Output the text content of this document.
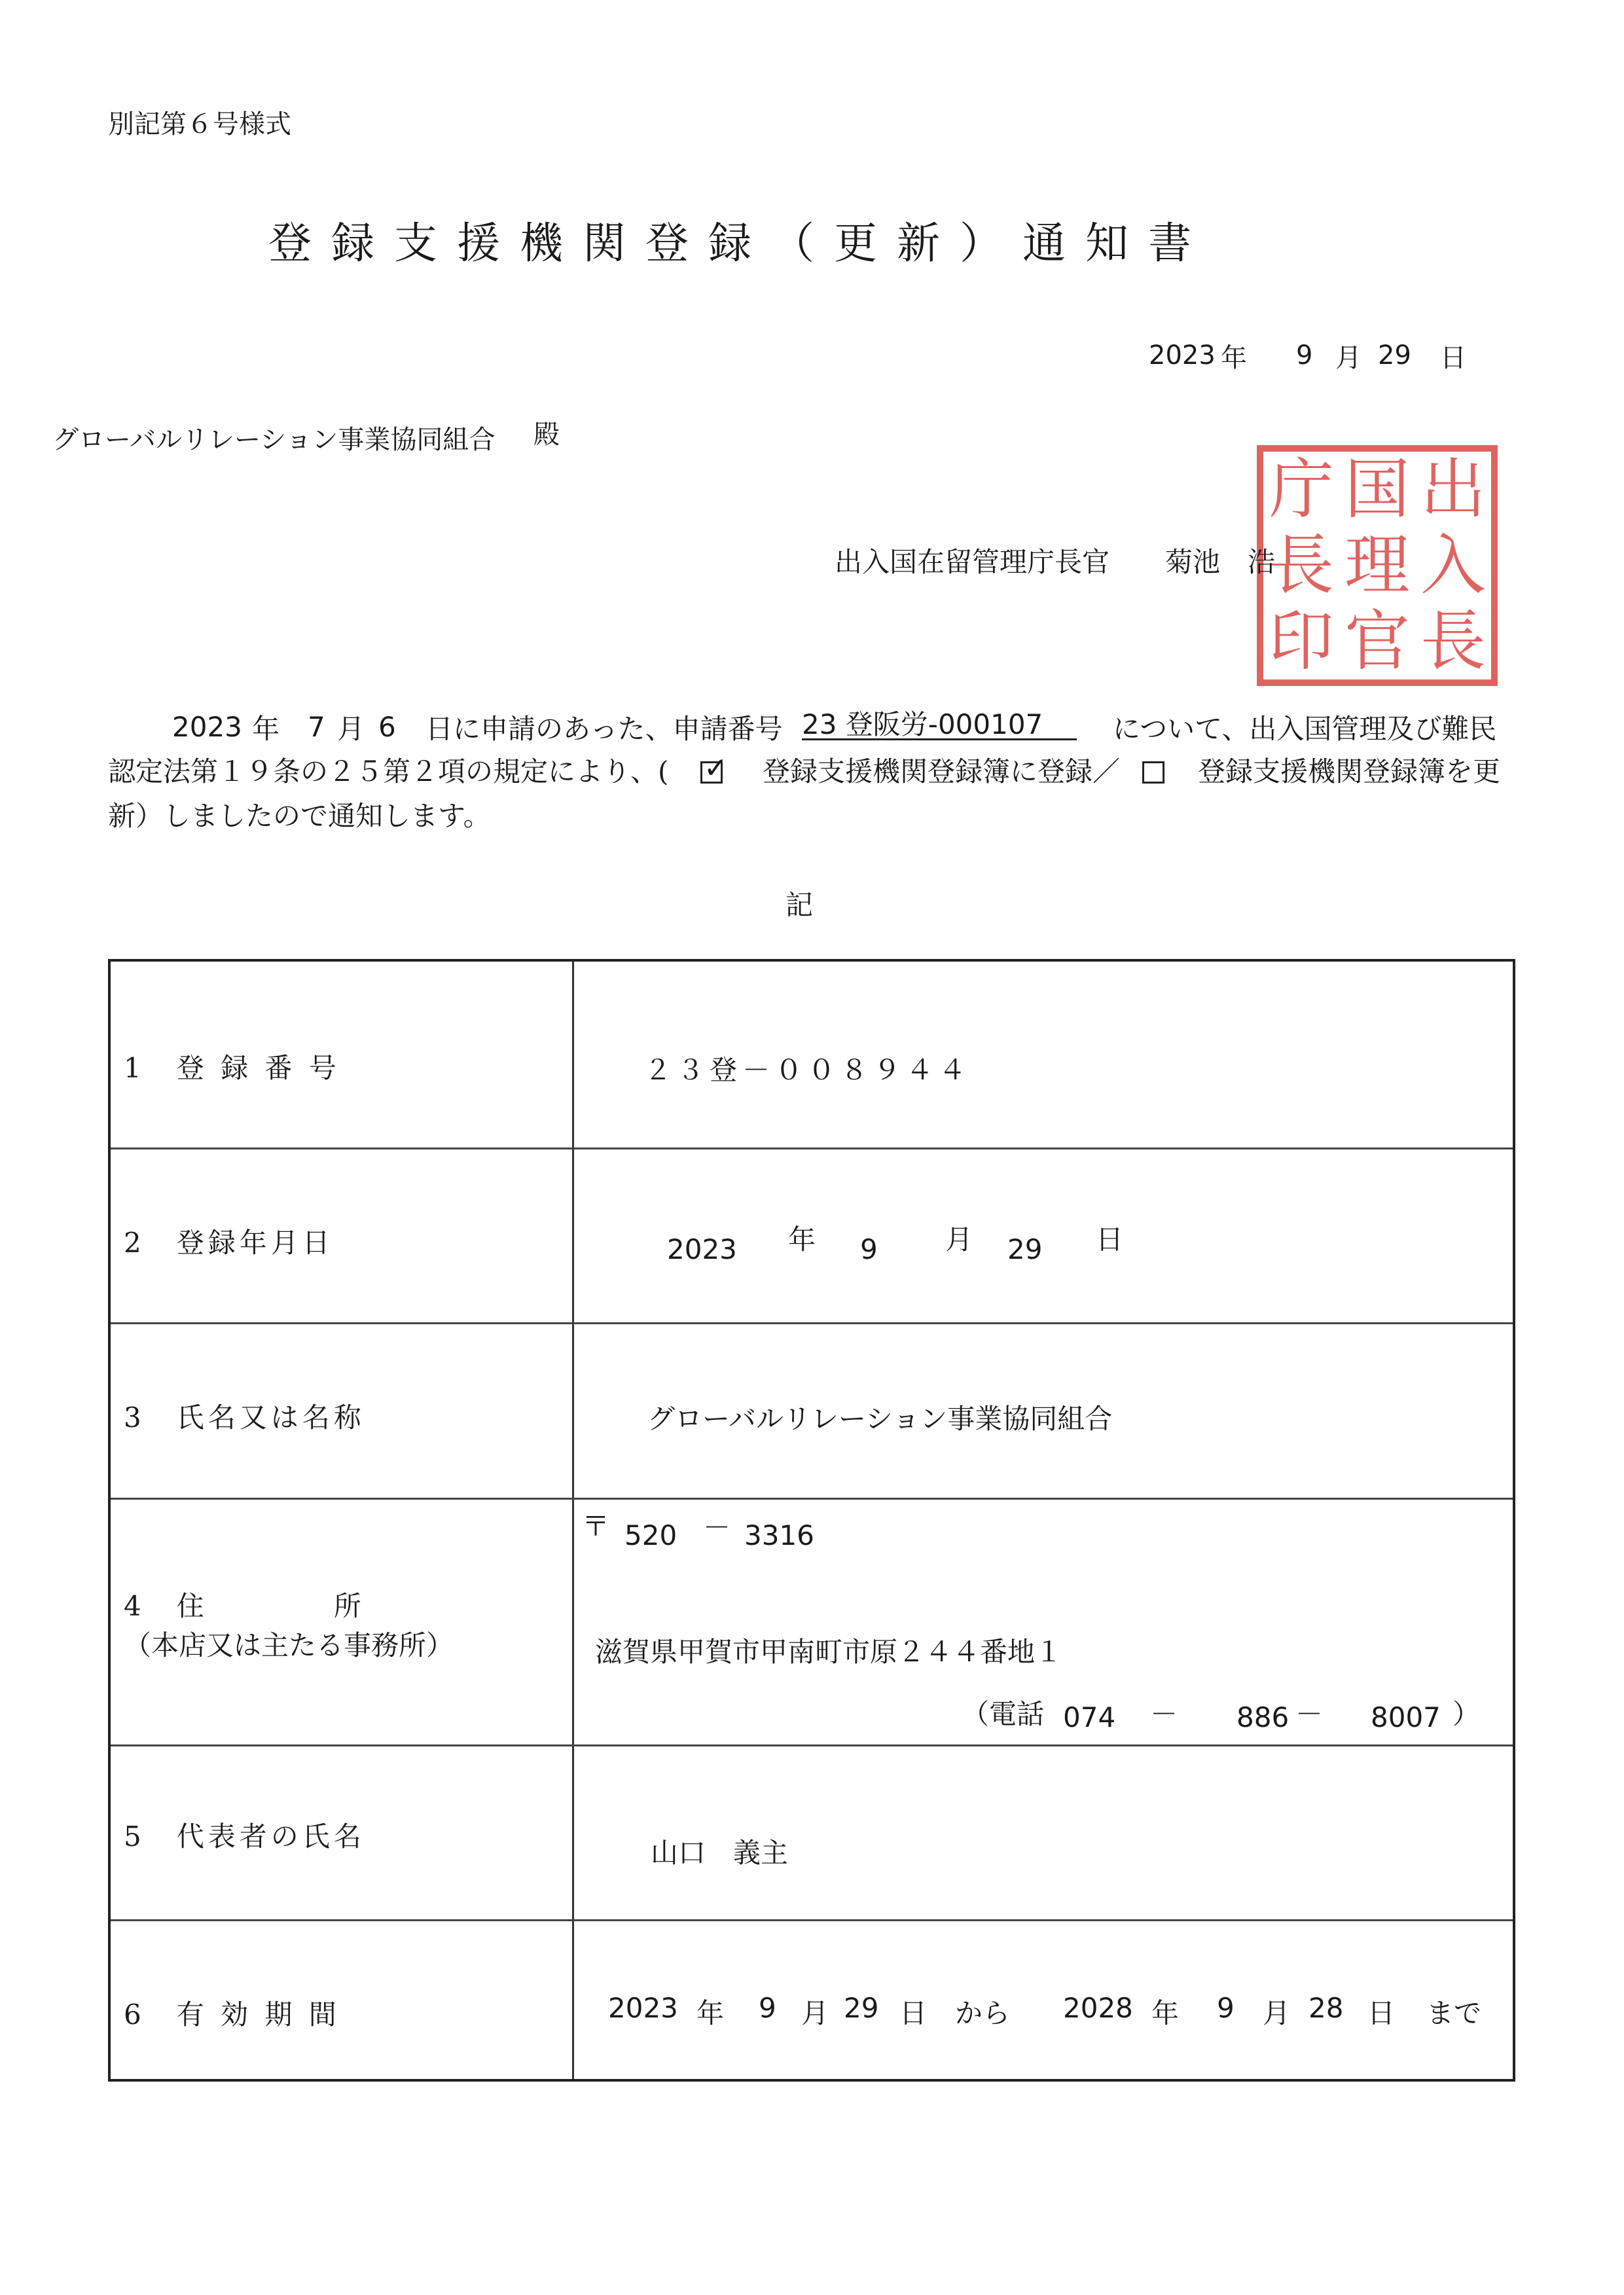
別記第６号様式
登録支援機関登録（更新）通知書
2023 年 9 月 29 日
グローバルリレーション事業協同組合 殿
庁 国 出
長 理 入
印 官 長
出入国在留管理庁長官 菊池　浩
2023 年 7 月 6 日に申請のあった、申請番号 23 登阪労-000107	について、出入国管理及び難民
認定法第１９条の２５第２項の規定により、(
✓	登録支援機関登録簿に登録／	登録支援機関登録簿を更
新）しましたので通知します。
記
1　登 録 番 号	２３登－００８９４４
2　登録年月日	2023 年 9 月 29 日
3　氏名又は名称	グローバルリレーション事業協同組合
4　住　　　　所
（本店又は主たる事務所）
〒 520 － 3316
滋賀県甲賀市甲南町市原２４４番地１
（電話 074 － 886 － 8007 ）
5　代表者の氏名
山口　義主
6　有 効 期 間	2023 年 9 月 29 日 から 2028 年 9 月 28 日 まで
